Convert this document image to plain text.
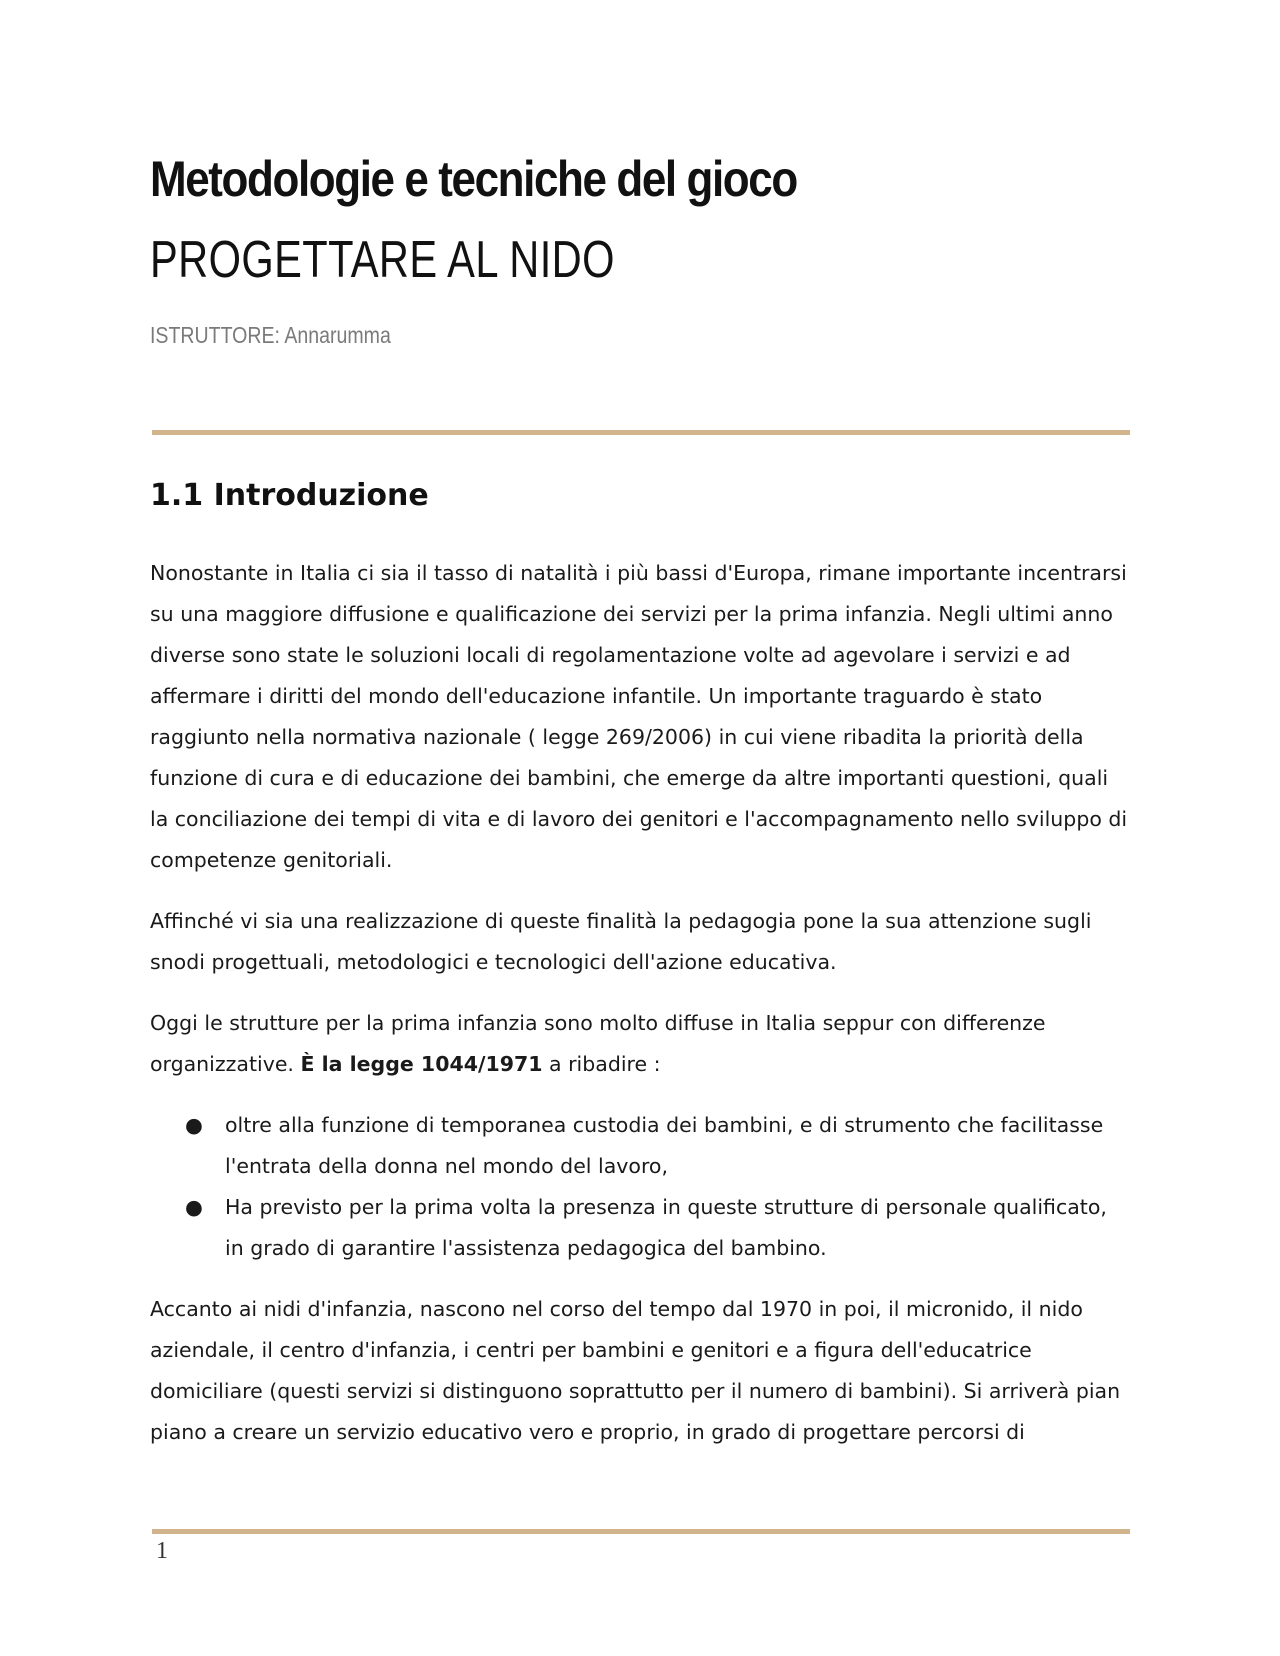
Metodologie e tecniche del gioco
PROGETTARE AL NIDO
ISTRUTTORE: Annarumma
1.1 Introduzione

Nonostante in Italia ci sia il tasso di natalità i più bassi d'Europa, rimane importante incentrarsi su una maggiore diffusione e qualificazione dei servizi per la prima infanzia. Negli ultimi anno diverse sono state le soluzioni locali di regolamentazione volte ad agevolare i servizi e ad affermare i diritti del mondo dell'educazione infantile. Un importante traguardo è stato raggiunto nella normativa nazionale ( legge 269/2006) in cui viene ribadita la priorità della funzione di cura e di educazione dei bambini, che emerge da altre importanti questioni, quali la conciliazione dei tempi di vita e di lavoro dei genitori e l'accompagnamento nello sviluppo di competenze genitoriali.

Affinché vi sia una realizzazione di queste finalità la pedagogia pone la sua attenzione sugli snodi progettuali, metodologici e tecnologici dell'azione educativa.

Oggi le strutture per la prima infanzia sono molto diffuse in Italia seppur con differenze organizzative. È la legge 1044/1971 a ribadire :

● oltre alla funzione di temporanea custodia dei bambini, e di strumento che facilitasse l'entrata della donna nel mondo del lavoro,
● Ha previsto per la prima volta la presenza in queste strutture di personale qualificato, in grado di garantire l'assistenza pedagogica del bambino.

Accanto ai nidi d'infanzia, nascono nel corso del tempo dal 1970 in poi, il micronido, il nido aziendale, il centro d'infanzia, i centri per bambini e genitori e a figura dell'educatrice domiciliare (questi servizi si distinguono soprattutto per il numero di bambini). Si arriverà pian piano a creare un servizio educativo vero e proprio, in grado di progettare percorsi di

1
